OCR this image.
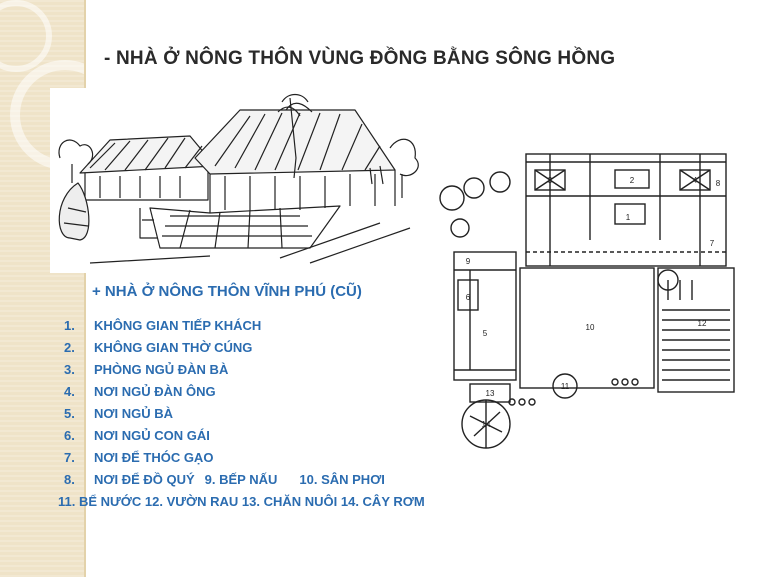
- NHÀ Ở NÔNG THÔN VÙNG ĐỒNG BẰNG SÔNG HỒNG
1
2
3	4
5
6
7
8
9
10
11
12
13
14
+ NHÀ Ở NÔNG THÔN VĨNH PHÚ (CŨ)
1. KHÔNG GIAN TIẾP KHÁCH
2. KHÔNG GIAN THỜ CÚNG
3. PHÒNG NGỦ ĐÀN BÀ
4. NƠI NGỦ ĐÀN ÔNG
5. NƠI NGỦ BÀ
6. NƠI NGỦ CON GÁI
7. NƠI ĐỂ THÓC GẠO
8. NƠI ĐỂ ĐỒ QUÝ 9. BẾP NẤU 10. SÂN PHƠI
11. BỂ NƯỚC 12. VƯỜN RAU 13. CHĂN NUÔI 14. CÂY RƠM
